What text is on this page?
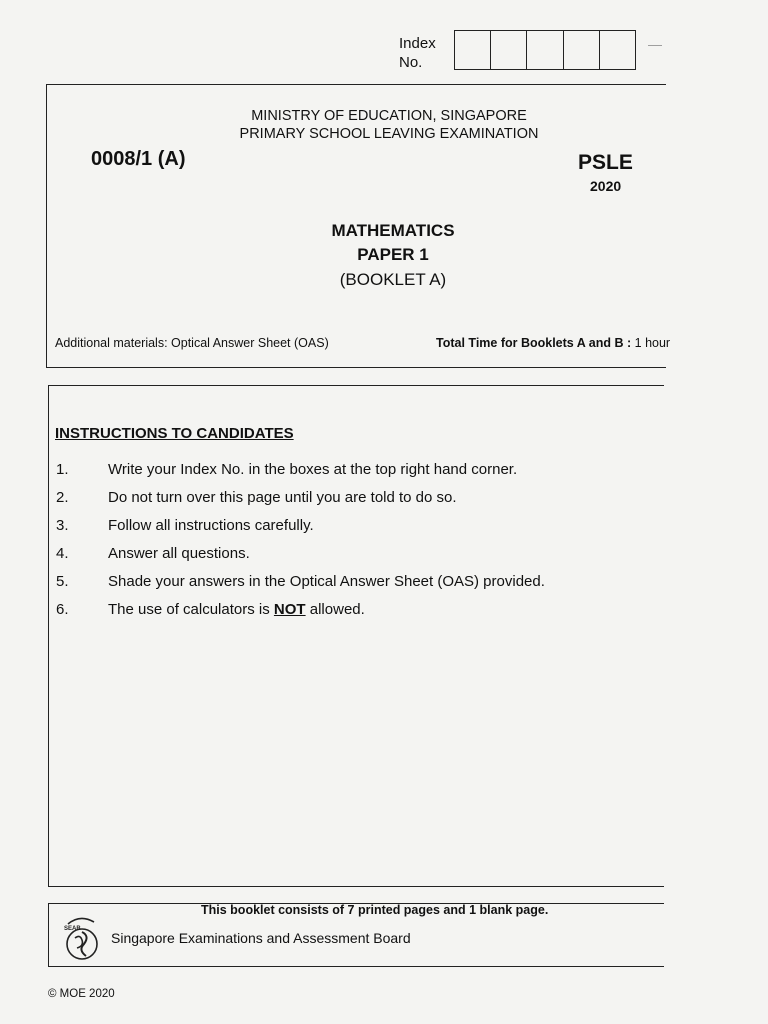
Index
No.
—
MINISTRY OF EDUCATION, SINGAPORE
PRIMARY SCHOOL LEAVING EXAMINATION
0008/1 (A)	PSLE
2020
MATHEMATICS
PAPER 1
(BOOKLET A)
Additional materials: Optical Answer Sheet (OAS)	Total Time for Booklets A and B : 1 hour
INSTRUCTIONS TO CANDIDATES
1.	Write your Index No. in the boxes at the top right hand corner.
2.	Do not turn over this page until you are told to do so.
3.	Follow all instructions carefully.
4.	Answer all questions.
5.	Shade your answers in the Optical Answer Sheet (OAS) provided.
6.	The use of calculators is NOT allowed.
This booklet consists of 7 printed pages and 1 blank page.
SEAB
Singapore Examinations and Assessment Board
© MOE 2020
